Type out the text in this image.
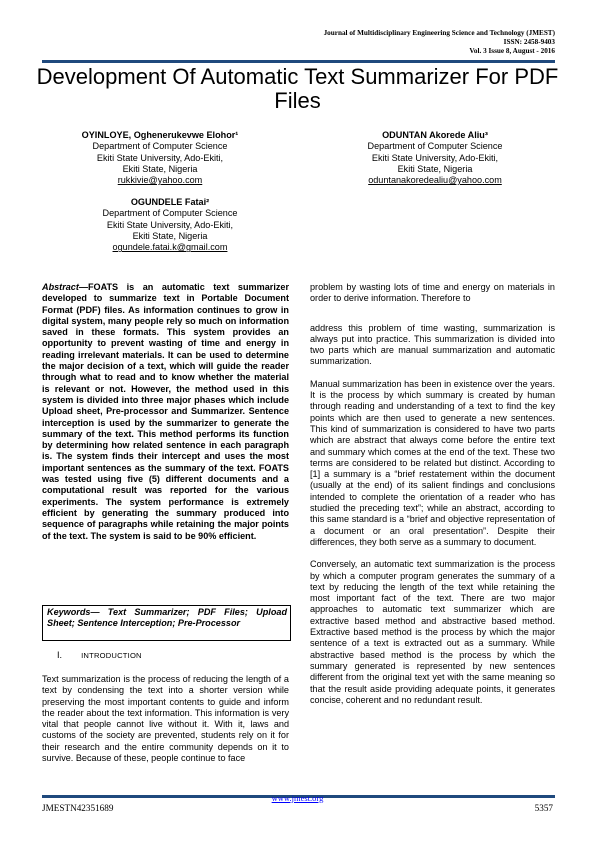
Journal of Multidisciplinary Engineering Science and Technology (JMEST)
ISSN: 2458-9403
Vol. 3 Issue 8, August - 2016
Development Of Automatic Text Summarizer For PDF Files
OYINLOYE, Oghenerukevwe Elohor¹
Department of Computer Science
Ekiti State University, Ado-Ekiti,
Ekiti State, Nigeria
rukkivie@yahoo.com
ODUNTAN Akorede Aliu³
Department of Computer Science
Ekiti State University, Ado-Ekiti,
Ekiti State, Nigeria
oduntanakoredealiu@yahoo.com
OGUNDELE Fatai²
Department of Computer Science
Ekiti State University, Ado-Ekiti,
Ekiti State, Nigeria
ogundele.fatai.k@gmail.com
Abstract—FOATS is an automatic text summarizer developed to summarize text in Portable Document Format (PDF) files. As information continues to grow in digital system, many people rely so much on information saved in these formats. This system provides an opportunity to prevent wasting of time and energy in reading irrelevant materials. It can be used to determine the major decision of a text, which will guide the reader through what to read and to know whether the material is relevant or not. However, the method used in this system is divided into three major phases which include Upload sheet, Pre-processor and Summarizer. Sentence interception is used by the summarizer to generate the summary of the text. This method performs its function by determining how related sentence in each paragraph is. The system finds their intercept and uses the most important sentences as the summary of the text. FOATS was tested using five (5) different documents and a computational result was reported for the various experiments. The system performance is extremely efficient by generating the summary produced into sequence of paragraphs while retaining the major points of the text. The system is said to be 90% efficient.
Keywords— Text Summarizer; PDF Files; Upload Sheet; Sentence Interception; Pre-Processor
I.	INTRODUCTION
Text summarization is the process of reducing the length of a text by condensing the text into a shorter version while preserving the most important contents to guide and inform the reader about the text information. This information is very vital that people cannot live without it. With it, laws and customs of the society are prevented, students rely on it for their research and the entire community depends on it to survive. Because of these, people continue to face

problem by wasting lots of time and energy on materials in order to derive information. Therefore to

address this problem of time wasting, summarization is always put into practice. This summarization is divided into two parts which are manual summarization and automatic summarization.

Manual summarization has been in existence over the years. It is the process by which summary is created by human through reading and understanding of a text to find the key points which are then used to generate a new sentences. This kind of summarization is considered to have two parts which are abstract that always come before the entire text and summary which comes at the end of the text. These two terms are considered to be related but distinct. According to [1] a summary is a “brief restatement within the document (usually at the end) of its salient findings and conclusions intended to complete the orientation of a reader who has studied the preceding text”; while an abstract, according to this same standard is a “brief and objective representation of a document or an oral presentation”. Despite their differences, they both serve as a summary to document.

Conversely, an automatic text summarization is the process by which a computer program generates the summary of a text by reducing the length of the text while retaining the most important fact of the text. There are two major approaches to automatic text summarizer which are extractive based method and abstractive based method. Extractive based method is the process by which the major sentence of a text is extracted out as a summary. While abstractive based method is the process by which the summary generated is represented by new sentences different from the original text yet with the same meaning so that the result aside providing adequate points, it generates concise, coherent and no redundant result.

www.jmest.org
JMESTN42351689	5357
